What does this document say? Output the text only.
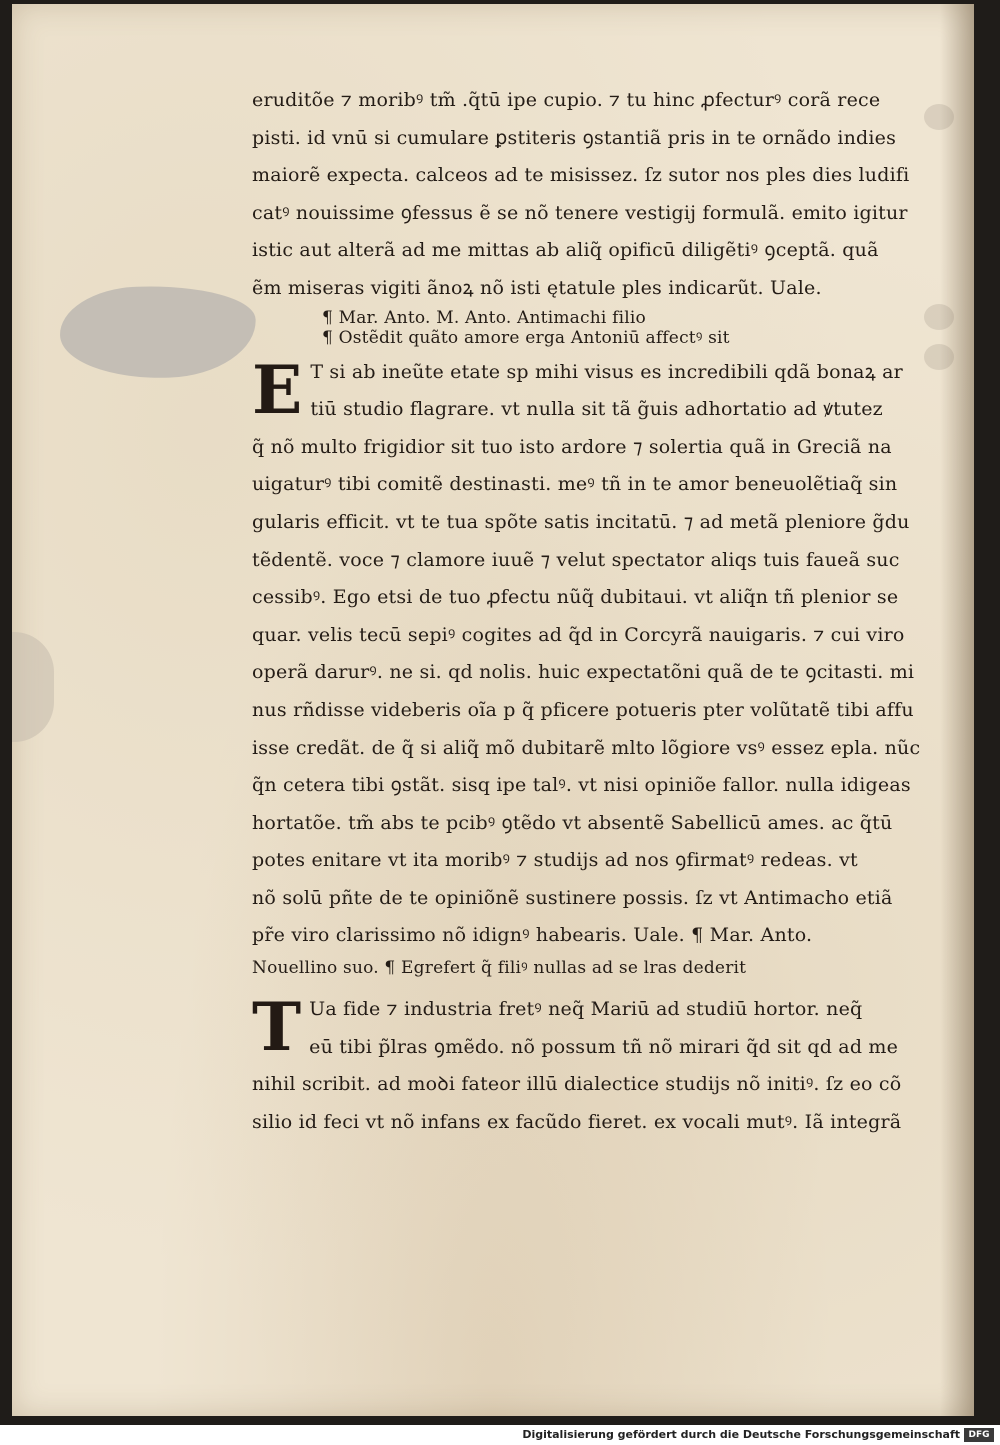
eruditõe ⁊ moribꝰ tm̃ .q̃tū ipe cupio. ⁊ tu hinc ꝓfecturꝰ corã rece
pisti. id vnū si cumulare ꝑstiteris ꝯstantiã pris in te ornãdo indies
maiorẽ expecta. calceos ad te misissez. ſz sutor nos ples dies ludifi
catꝰ nouissime ꝯfessus ẽ se nõ tenere vestigij formulã. emito igitur
istic aut alterã ad me mittas ab aliq̃ opificū diligẽtiꝰ ꝯceptã. quã
ẽm miseras vigiti ãnoꝝ nõ isti ętatule ples indicarũt. Uale.
¶ Mar. Anto. M. Anto. Antimachi filio
¶ Ostẽdit quãto amore erga Antoniū affectꝰ sit
E T si ab ineũte etate sp mihi visus es incredibili qdã bonaꝝ ar
tiū studio flagrare. vt nulla sit tã g̃uis adhortatio ad ꝟtutez
q̃ nõ multo frigidior sit tuo isto ardore ⁊ solertia quã in Greciã na
uigaturꝰ tibi comitẽ destinasti. meꝰ tñ in te amor beneuolẽtiaq̃ sin
gularis efficit. vt te tua spõte satis incitatū. ⁊ ad metã pleniore g̃du
tẽdentẽ. voce ⁊ clamore iuuẽ ⁊ velut spectator aliqs tuis faueã suc
cessibꝰ. Ego etsi de tuo ꝓfectu nũq̃ dubitaui. vt aliq̃n tñ plenior se
quar. velis tecū sepiꝰ cogites ad q̃d in Corcyrã nauigaris. ⁊ cui viro
operã darurꝰ. ne si. qd nolis. huic expectatõni quã de te ꝯcitasti. mi
nus rñdisse videberis oĩa p q̃ pficere potueris pter volũtatẽ tibi affu
isse credãt. de q̃ si aliq̃ mõ dubitarẽ mlto lõgiore vsꝰ essez epla. nũc
q̃n cetera tibi ꝯstãt. sisq ipe talꝰ. vt nisi opiniõe fallor. nulla idigeas
hortatõe. tm̃ abs te pcibꝰ ꝯtẽdo vt absentẽ Sabellicū ames. ac q̃tū
potes enitare vt ita moribꝰ ⁊ studijs ad nos ꝯfirmatꝰ redeas. vt
nõ solū pñte de te opiniõnẽ sustinere possis. ſz vt Antimacho etiã
pr̃e viro clarissimo nõ idignꝰ habearis. Uale. ¶ Mar. Anto.
Nouellino suo. ¶ Egrefert q̃ filiꝰ nullas ad se lras dederit
T Ua fide ⁊ industria fretꝰ neq̃ Mariū ad studiū hortor. neq̃
eū tibi p̃lras ꝯmẽdo. nõ possum tñ nõ mirari q̃d sit qd ad me
nihil scribit. ad moꝺi fateor illū dialectice studijs nõ initiꝰ. ſz eo cõ
silio id feci vt nõ infans ex facũdo fieret. ex vocali mutꝰ. Iã integrã
Digitalisierung gefördert durch die Deutsche Forschungsgemeinschaft DFG
